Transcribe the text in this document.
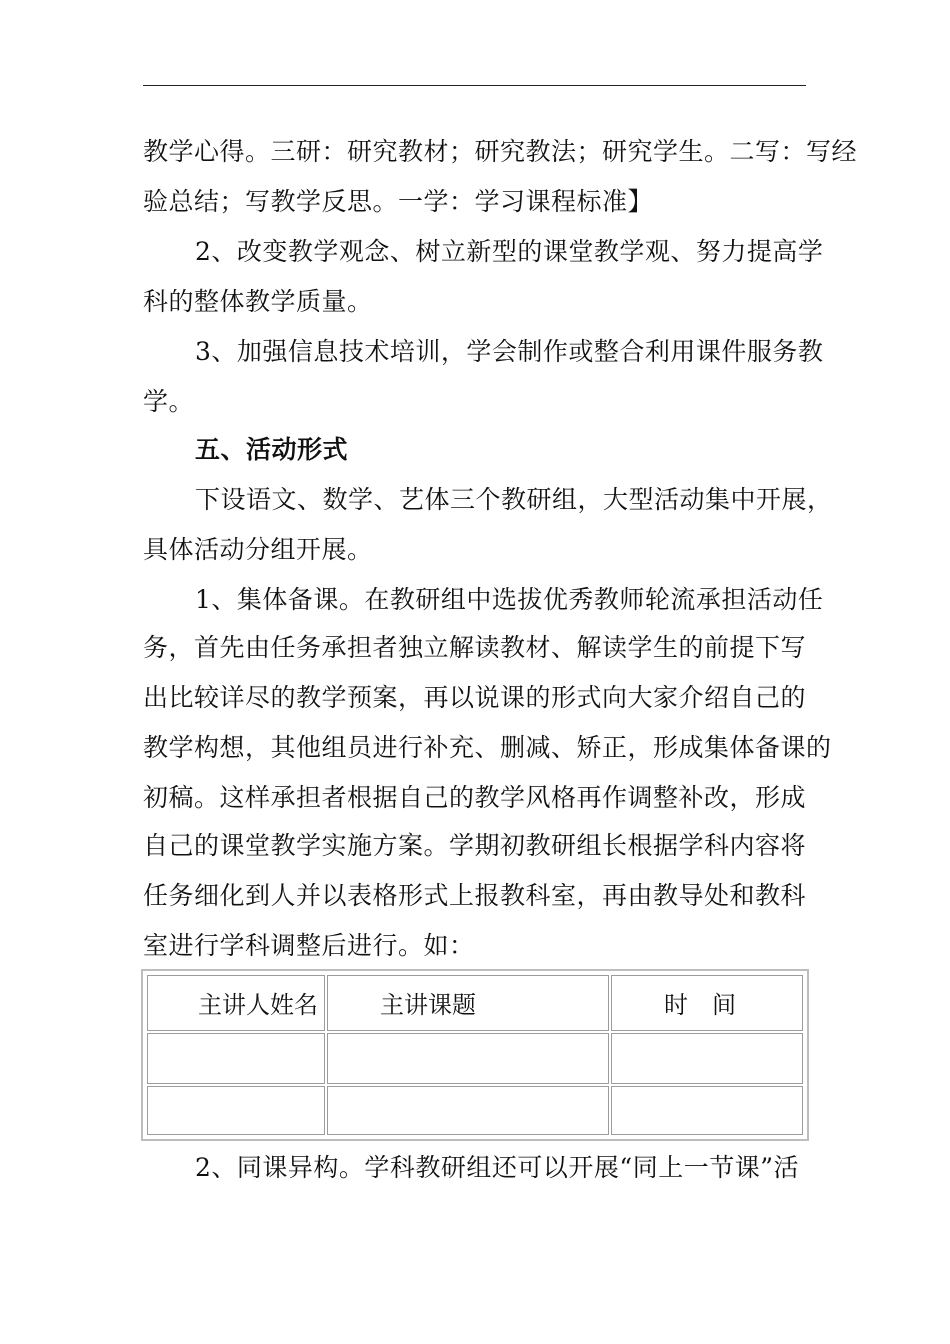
教学心得。三研：研究教材；研究教法；研究学生。二写：写经
验总结；写教学反思。一学：学习课程标准】
2、改变教学观念、树立新型的课堂教学观、努力提高学
科的整体教学质量。
3、加强信息技术培训，学会制作或整合利用课件服务教
学。
五、活动形式
下设语文、数学、艺体三个教研组，大型活动集中开展，
具体活动分组开展。
1、集体备课。在教研组中选拔优秀教师轮流承担活动任
务，首先由任务承担者独立解读教材、解读学生的前提下写
出比较详尽的教学预案，再以说课的形式向大家介绍自己的
教学构想，其他组员进行补充、删减、矫正，形成集体备课的
初稿。这样承担者根据自己的教学风格再作调整补改，形成
自己的课堂教学实施方案。学期初教研组长根据学科内容将
任务细化到人并以表格形式上报教科室，再由教导处和教科
室进行学科调整后进行。如：
主讲人姓名	主讲课题	时　间
2、同课异构。学科教研组还可以开展“同上一节课”活
